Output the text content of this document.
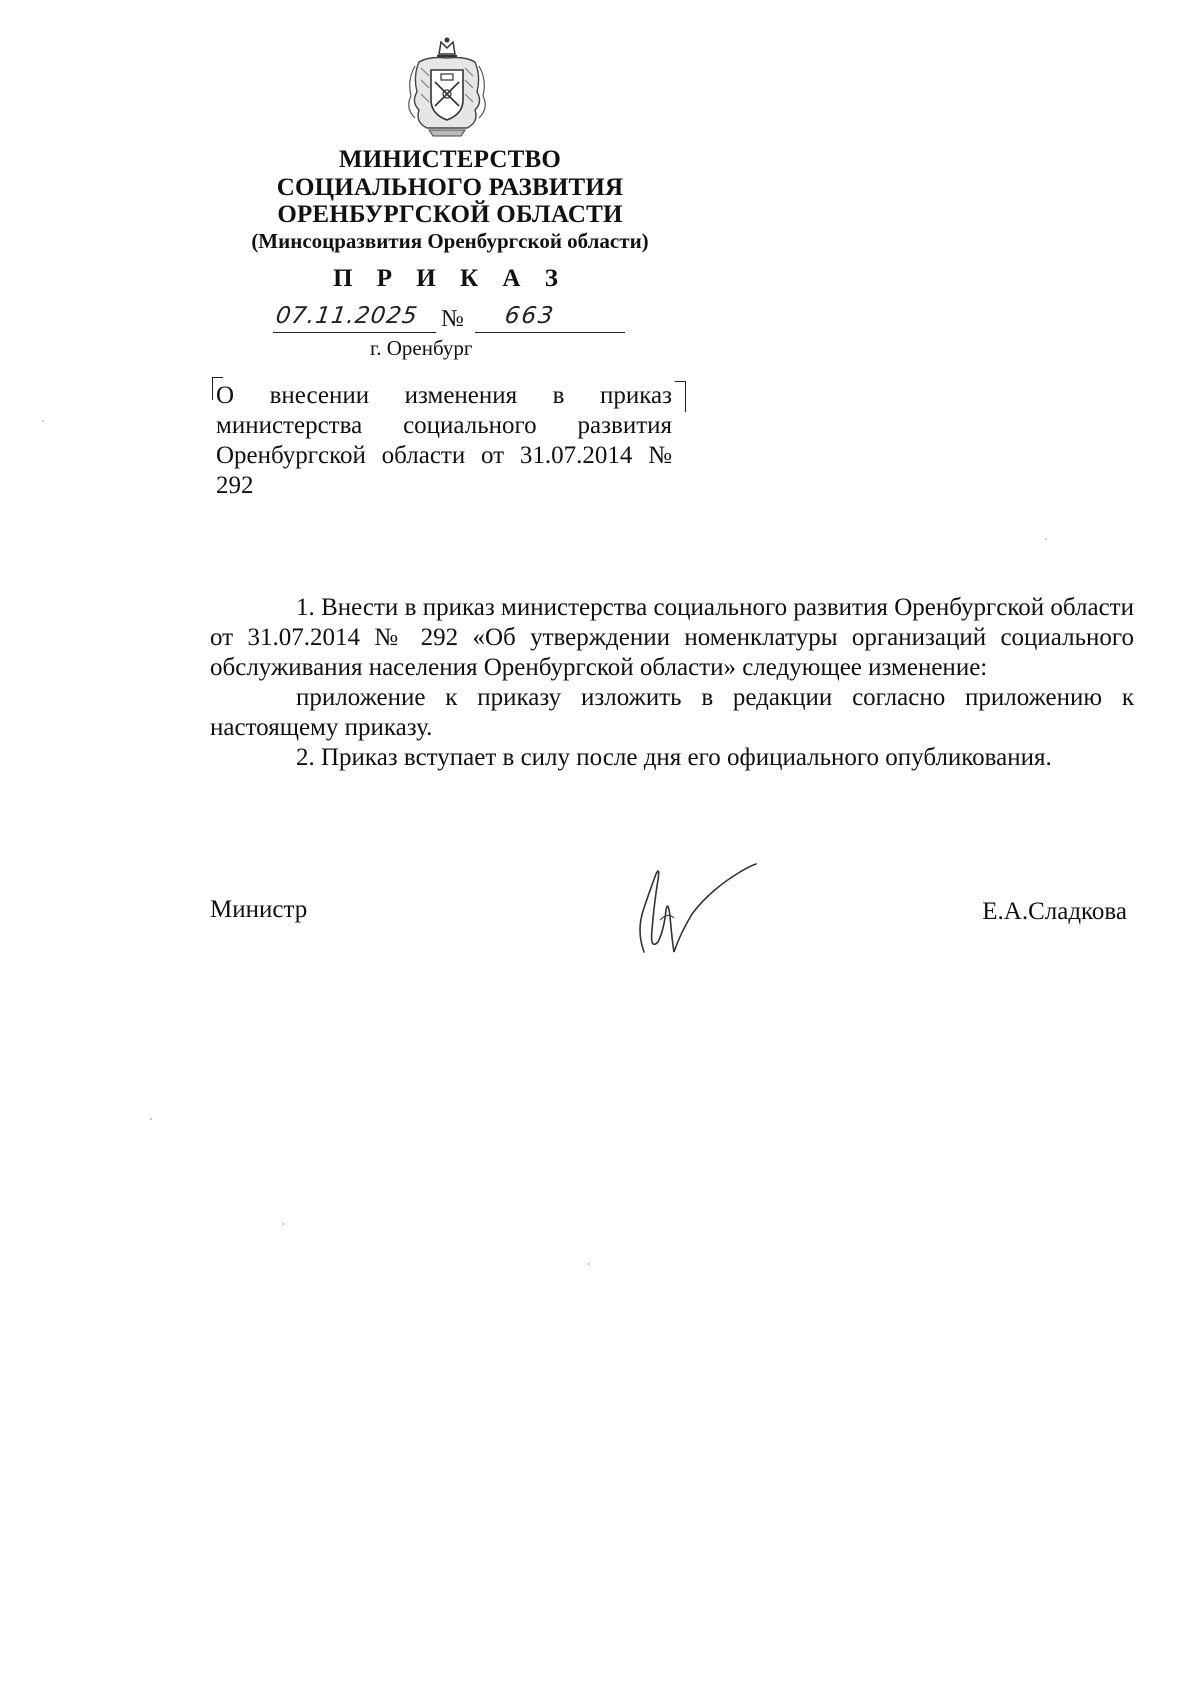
МИНИСТЕРСТВО
СОЦИАЛЬНОГО РАЗВИТИЯ
ОРЕНБУРГСКОЙ ОБЛАСТИ
(Минсоцразвития Оренбургской области)
П Р И К А З
07.11.2025 № 663
г. Оренбург
О внесении изменения в приказ министерства социального развития Оренбургской области от 31.07.2014 № 292

1. Внести в приказ министерства социального развития Оренбургской области от 31.07.2014 № 292 «Об утверждении номенклатуры организаций социального обслуживания населения Оренбургской области» следующее изменение:

приложение к приказу изложить в редакции согласно приложению к настоящему приказу.

2. Приказ вступает в силу после дня его официального опубликования.

Министр	Е.А.Сладкова
